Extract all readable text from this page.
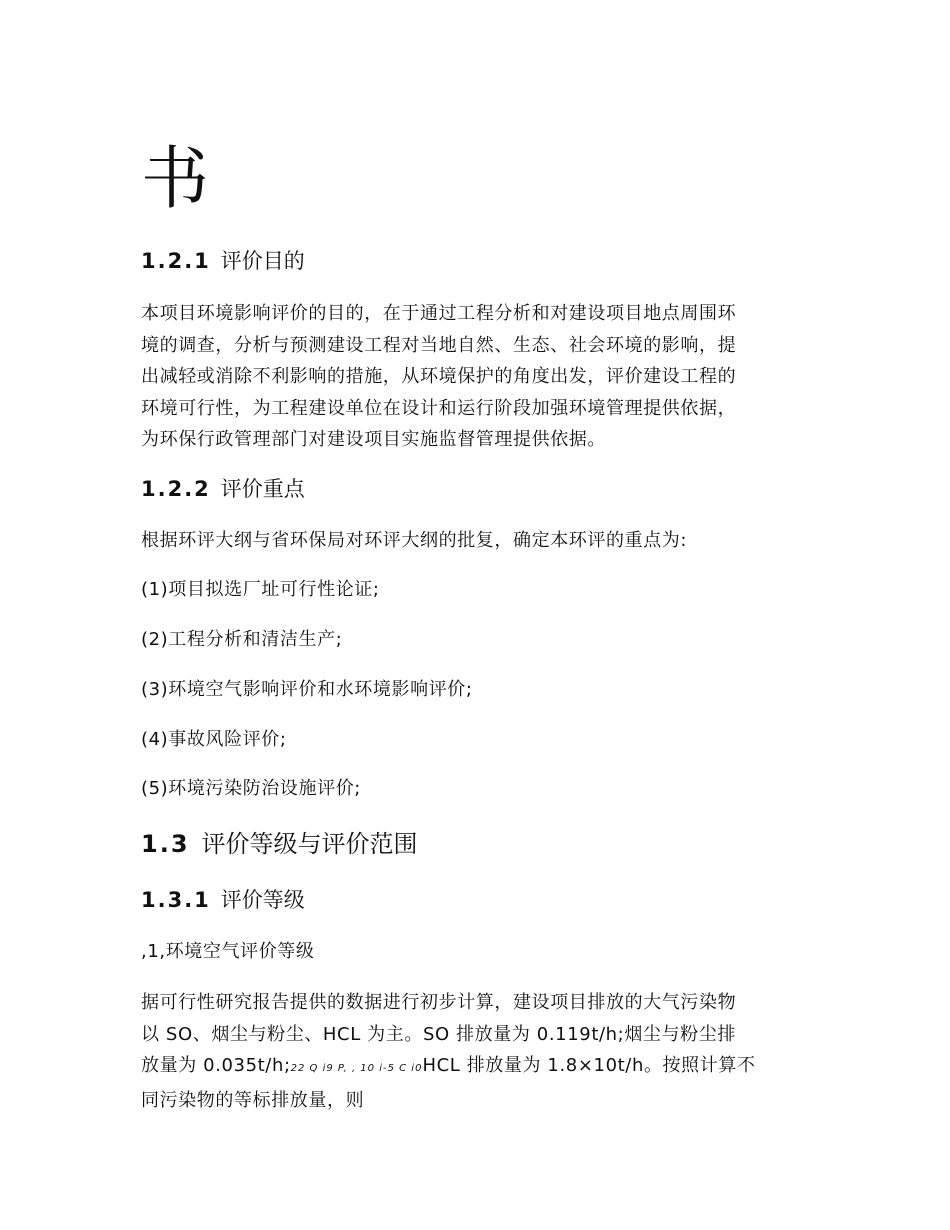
书
1.2.1 评价目的
本项目环境影响评价的目的，在于通过工程分析和对建设项目地点周围环
境的调查，分析与预测建设工程对当地自然、生态、社会环境的影响，提
出减轻或消除不利影响的措施，从环境保护的角度出发，评价建设工程的
环境可行性，为工程建设单位在设计和运行阶段加强环境管理提供依据，
为环保行政管理部门对建设项目实施监督管理提供依据。
1.2.2 评价重点
根据环评大纲与省环保局对环评大纲的批复，确定本环评的重点为:
(1)项目拟选厂址可行性论证;
(2)工程分析和清洁生产;
(3)环境空气影响评价和水环境影响评价;
(4)事故风险评价;
(5)环境污染防治设施评价;
1.3 评价等级与评价范围
1.3.1 评价等级
,1,环境空气评价等级
据可行性研究报告提供的数据进行初步计算，建设项目排放的大气污染物
以 SO、烟尘与粉尘、HCL 为主。SO 排放量为 0.119t/h;烟尘与粉尘排
放量为 0.035t/h;22 Q i9 P, , 10 i-5 C i0HCL 排放量为 1.8×10t/h。按照计算不
同污染物的等标排放量，则
